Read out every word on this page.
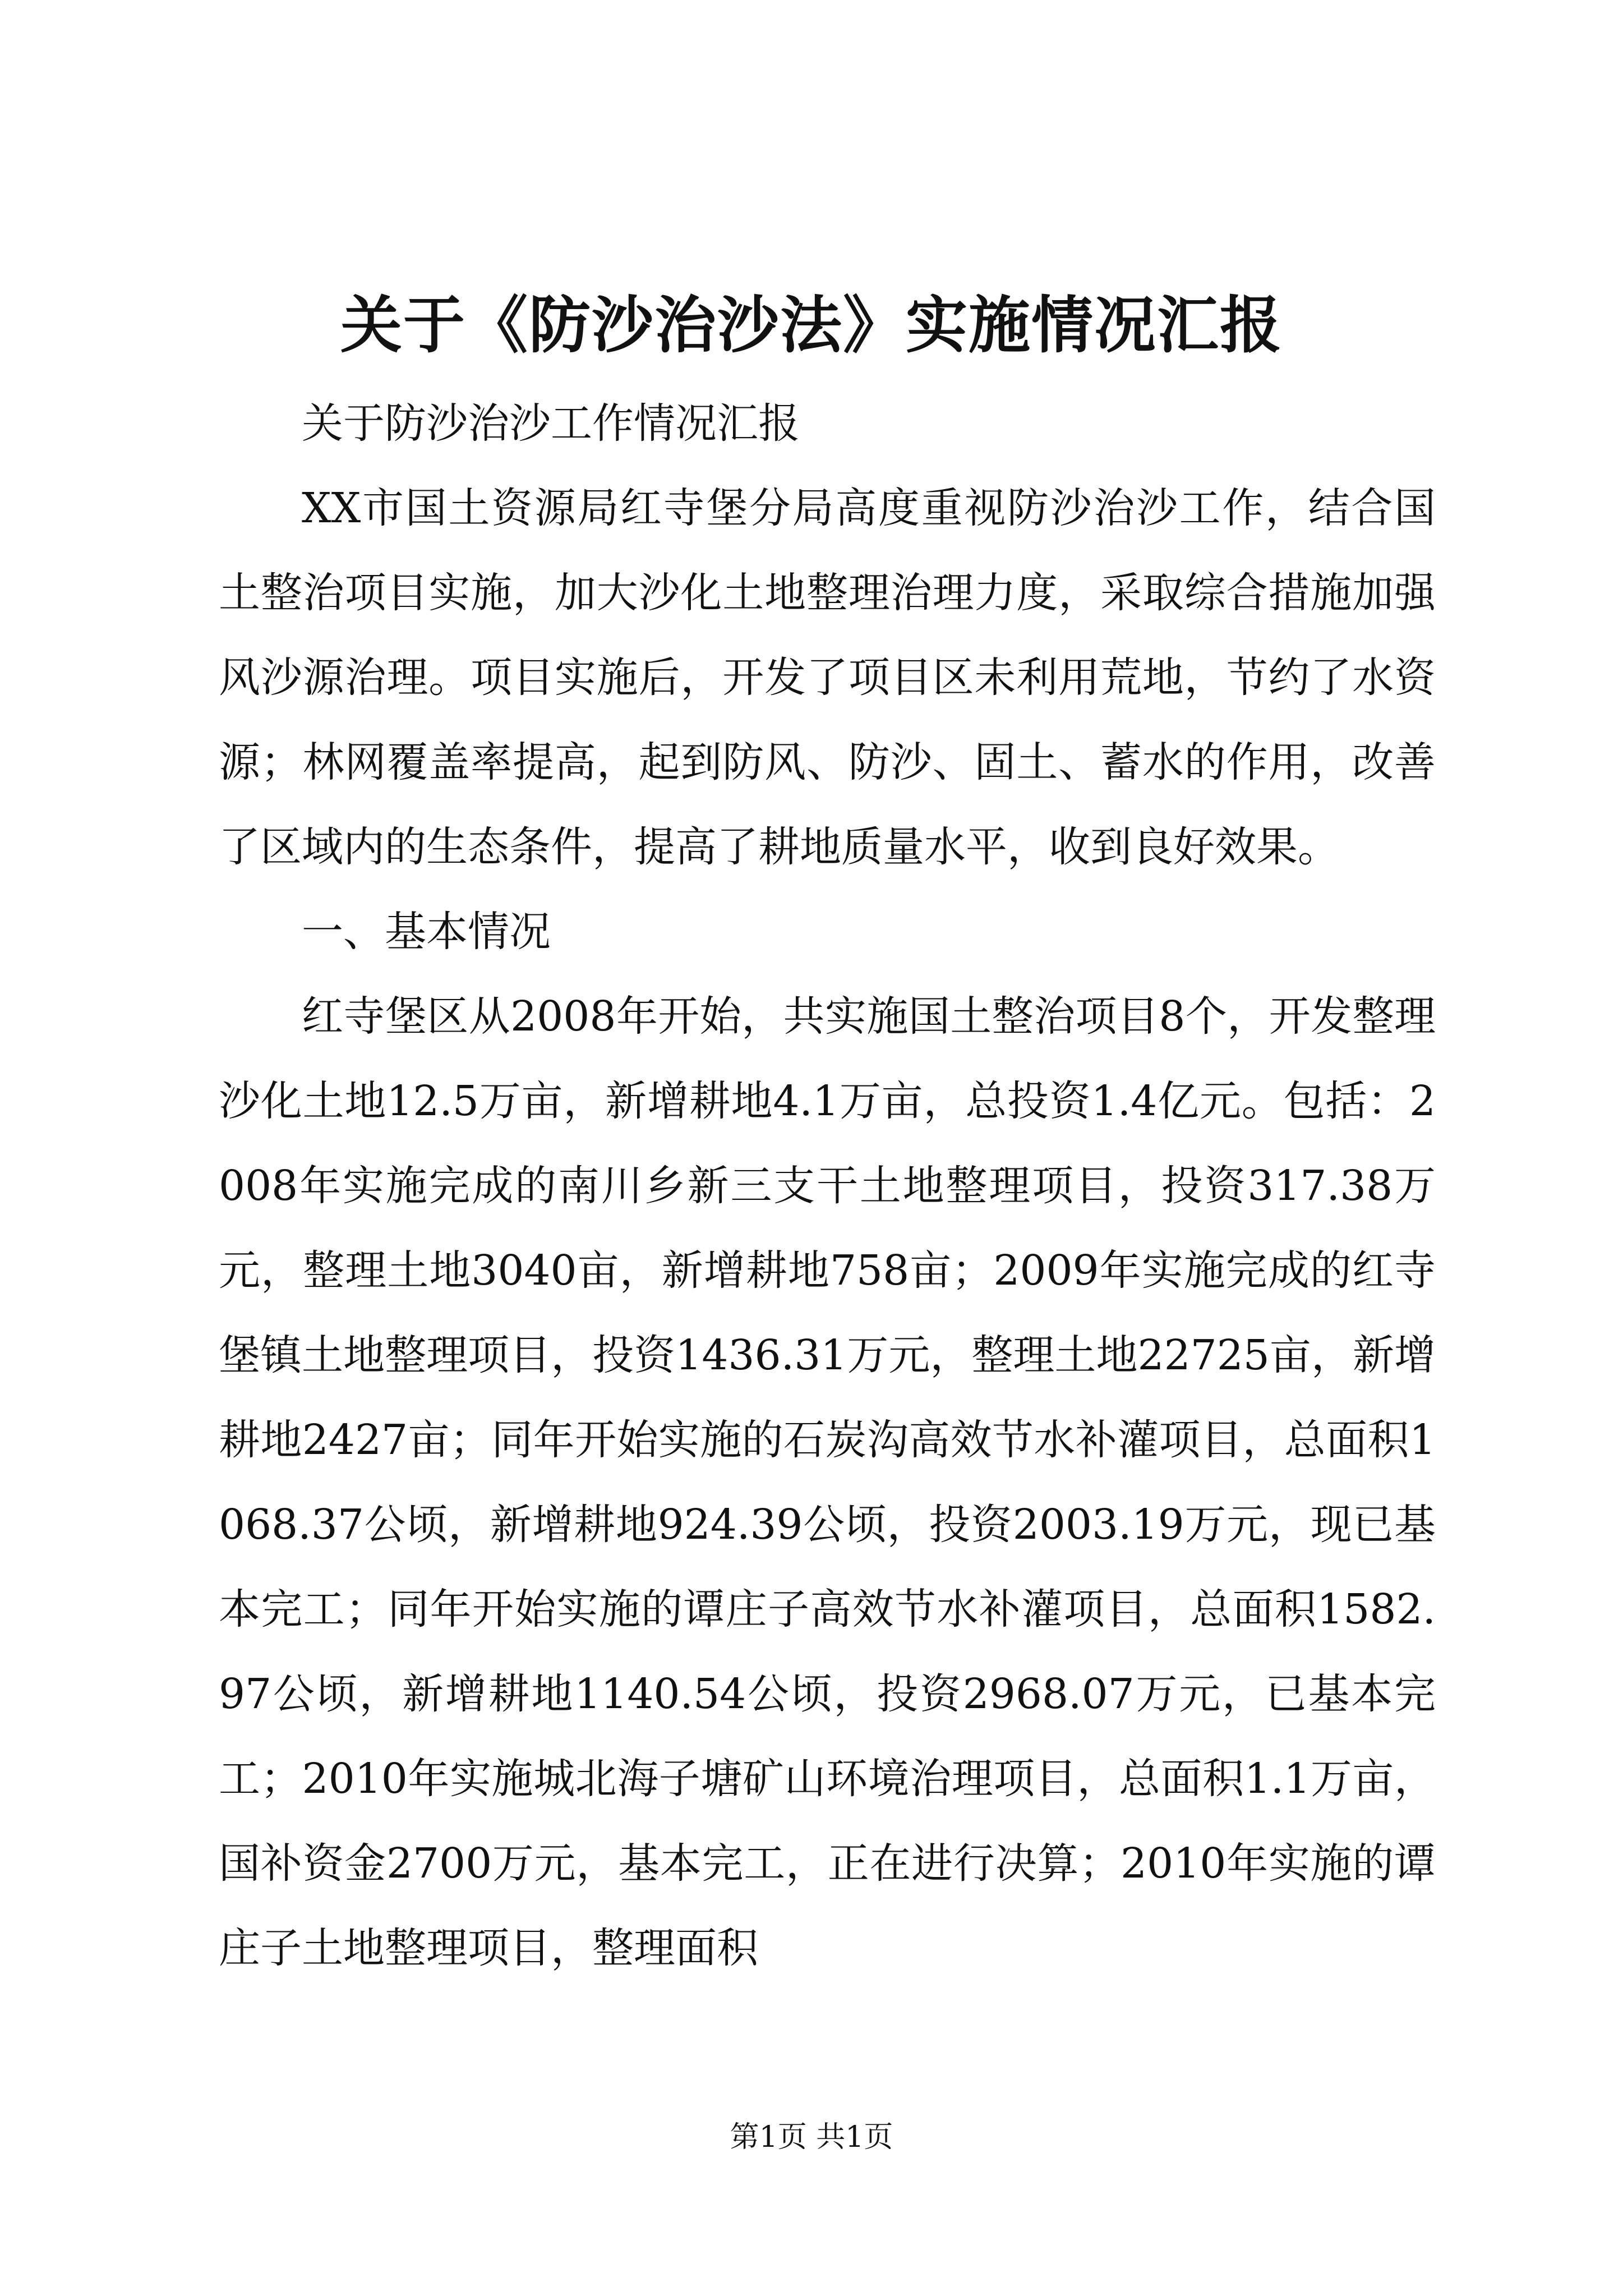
关于《防沙治沙法》实施情况汇报

关于防沙治沙工作情况汇报

XX市国土资源局红寺堡分局高度重视防沙治沙工作，结合国土整治项目实施，加大沙化土地整理治理力度，采取综合措施加强风沙源治理。项目实施后，开发了项目区未利用荒地，节约了水资源；林网覆盖率提高，起到防风、防沙、固土、蓄水的作用，改善了区域内的生态条件，提高了耕地质量水平，收到良好效果。

一、基本情况

红寺堡区从2008年开始，共实施国土整治项目8个，开发整理沙化土地12.5万亩，新增耕地4.1万亩，总投资1.4亿元。包括：2008年实施完成的南川乡新三支干土地整理项目，投资317.38万元，整理土地3040亩，新增耕地758亩；2009年实施完成的红寺堡镇土地整理项目，投资1436.31万元，整理土地22725亩，新增耕地2427亩；同年开始实施的石炭沟高效节水补灌项目，总面积1068.37公顷，新增耕地924.39公顷，投资2003.19万元，现已基本完工；同年开始实施的谭庄子高效节水补灌项目，总面积1582.97公顷，新增耕地1140.54公顷，投资2968.07万元，已基本完工；2010年实施城北海子塘矿山环境治理项目，总面积1.1万亩，国补资金2700万元，基本完工，正在进行决算；2010年实施的谭庄子土地整理项目，整理面积

第1页 共1页
